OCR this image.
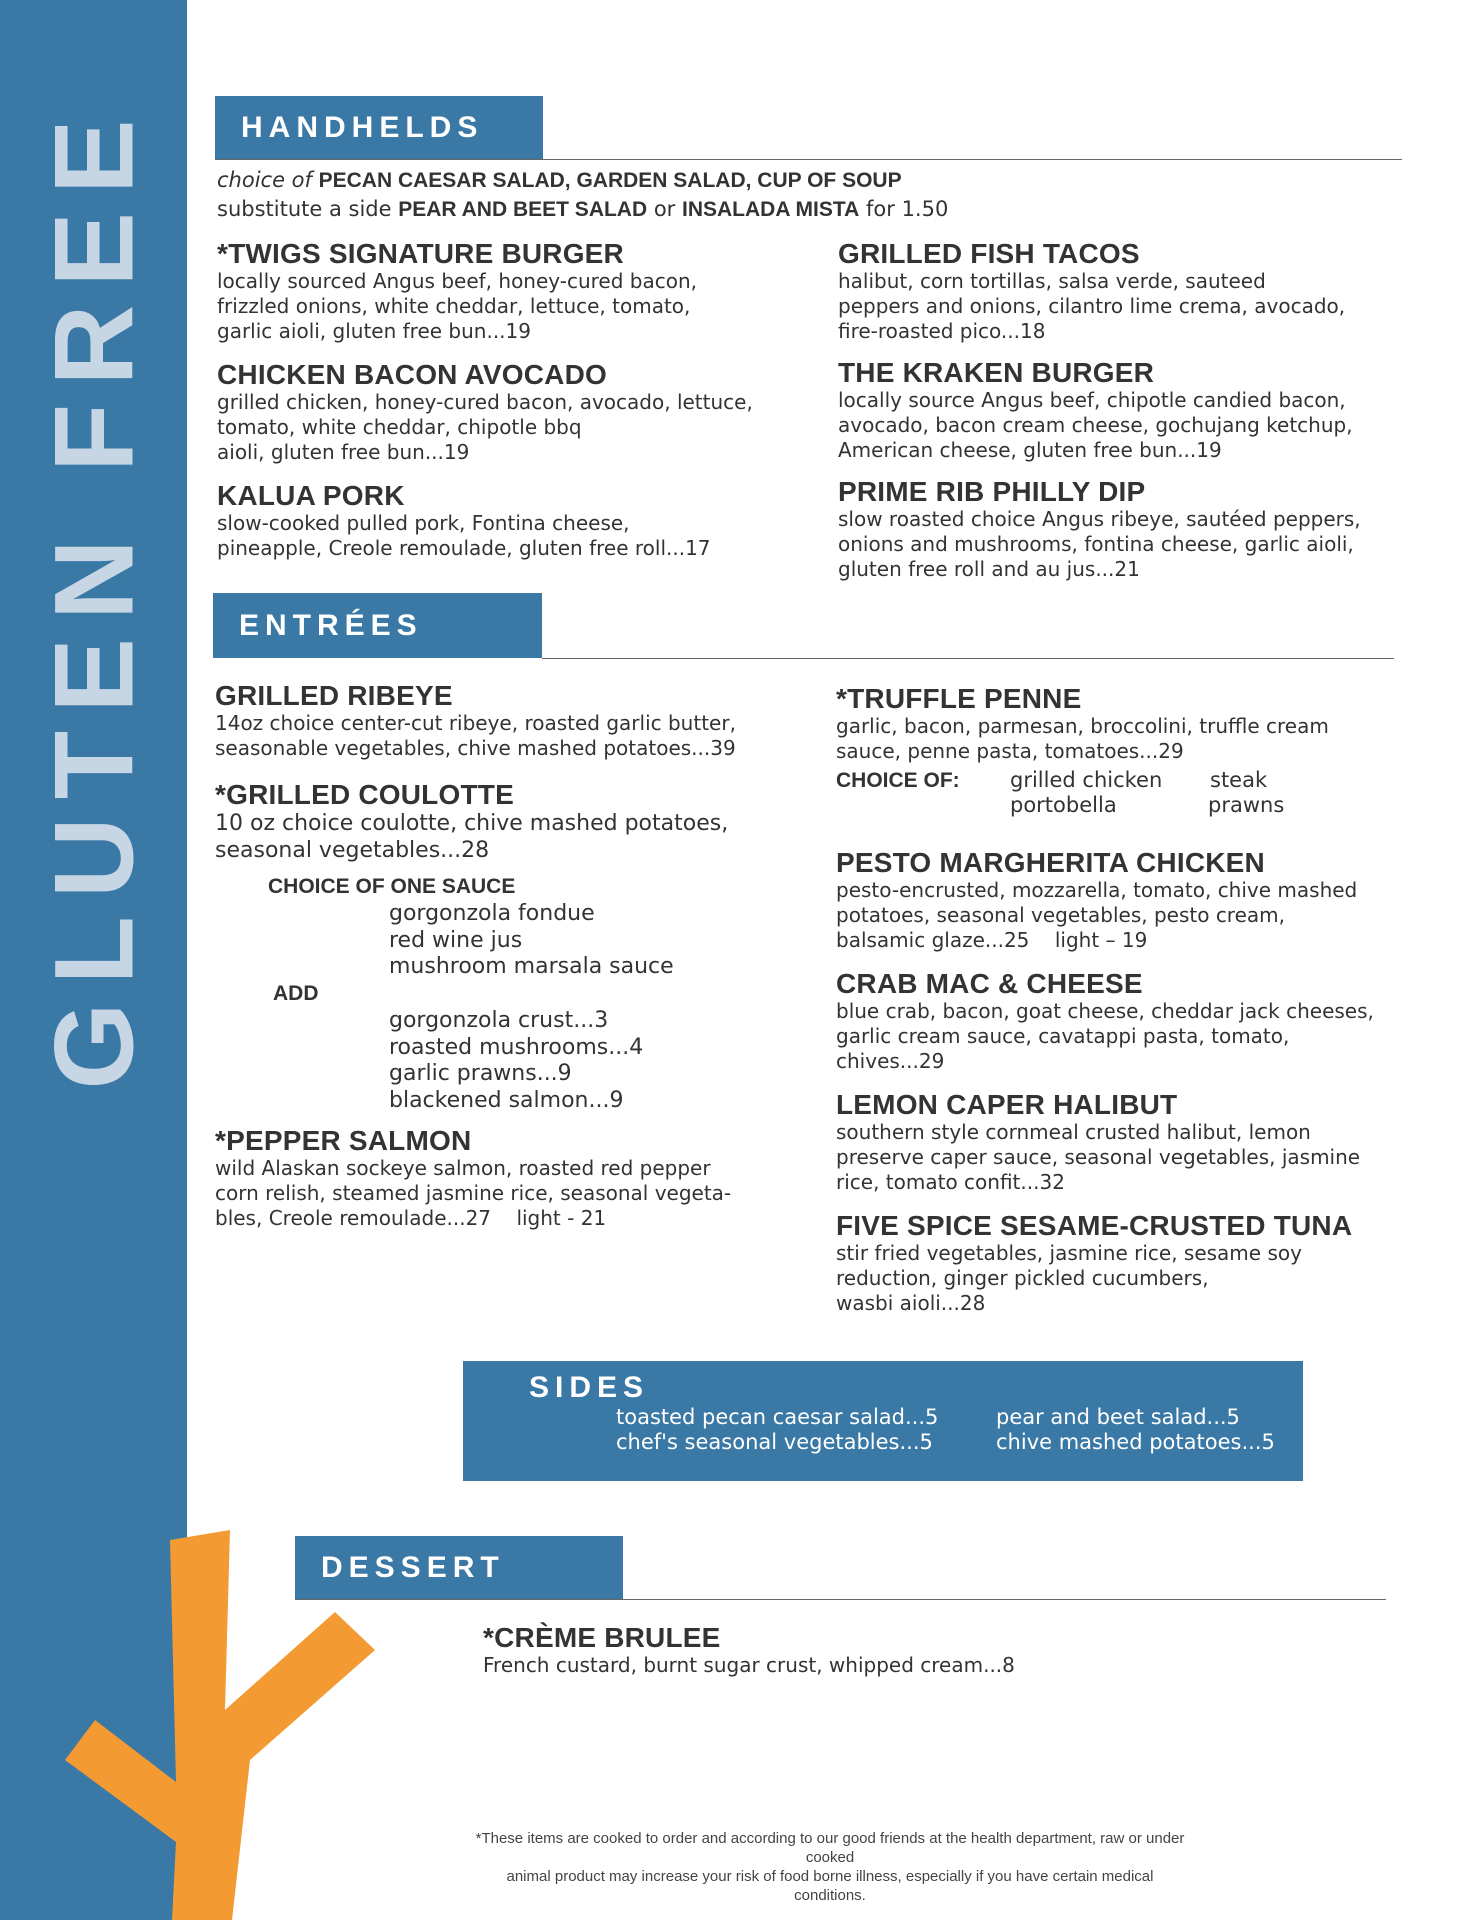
GLUTEN FREE	HANDHELDS
choice of PECAN CAESAR SALAD, GARDEN SALAD, CUP OF SOUP
substitute a side PEAR AND BEET SALAD or INSALADA MISTA for 1.50
*TWIGS SIGNATURE BURGER

locally sourced Angus beef, honey-cured bacon,

frizzled onions, white cheddar, lettuce, tomato,

garlic aioli, gluten free bun...19

CHICKEN BACON AVOCADO

grilled chicken, honey-cured bacon, avocado, lettuce,

tomato, white cheddar, chipotle bbq

aioli, gluten free bun...19

KALUA PORK

slow-cooked pulled pork, Fontina cheese,

pineapple, Creole remoulade, gluten free roll...17

GRILLED FISH TACOS

halibut, corn tortillas, salsa verde, sauteed

peppers and onions, cilantro lime crema, avocado,

fire-roasted pico...18

THE KRAKEN BURGER

locally source Angus beef, chipotle candied bacon,

avocado, bacon cream cheese, gochujang ketchup,

American cheese, gluten free bun...19

PRIME RIB PHILLY DIP

slow roasted choice Angus ribeye, sautéed peppers,

onions and mushrooms, fontina cheese, garlic aioli,

gluten free roll and au jus...21

ENTRÉES
GRILLED RIBEYE

14oz choice center-cut ribeye, roasted garlic butter,

seasonable vegetables, chive mashed potatoes...39

*GRILLED COULOTTE

10 oz choice coulotte, chive mashed potatoes,

seasonal vegetables...28

CHOICE OF ONE SAUCE
gorgonzola fondue
red wine jus
mushroom marsala sauce
ADD
gorgonzola crust...3
roasted mushrooms...4
garlic prawns...9
blackened salmon...9
*PEPPER SALMON

wild Alaskan sockeye salmon, roasted red pepper

corn relish, steamed jasmine rice, seasonal vegeta-

bles, Creole remoulade...27    light - 21

*TRUFFLE PENNE

garlic, bacon, parmesan, broccolini, truffle cream

sauce, penne pasta, tomatoes...29

CHOICE OF: grilled chicken steak
portobella	prawns
PESTO MARGHERITA CHICKEN

pesto-encrusted, mozzarella, tomato, chive mashed

potatoes, seasonal vegetables, pesto cream,

balsamic glaze...25    light – 19

CRAB MAC & CHEESE

blue crab, bacon, goat cheese, cheddar jack cheeses,

garlic cream sauce, cavatappi pasta, tomato,

chives...29

LEMON CAPER HALIBUT

southern style cornmeal crusted halibut, lemon

preserve caper sauce, seasonal vegetables, jasmine

rice, tomato confit...32

FIVE SPICE SESAME-CRUSTED TUNA

stir fried vegetables, jasmine rice, sesame soy

reduction, ginger pickled cucumbers,

wasbi aioli...28

SIDES
toasted pecan caesar salad...5
chef's seasonal vegetables...5
pear and beet salad...5
chive mashed potatoes...5
DESSERT
*CRÈME BRULEE

French custard, burnt sugar crust, whipped cream...8

*These items are cooked to order and according to our good friends at the health department, raw or under cooked
animal product may increase your risk of food borne illness, especially if you have certain medical conditions.
